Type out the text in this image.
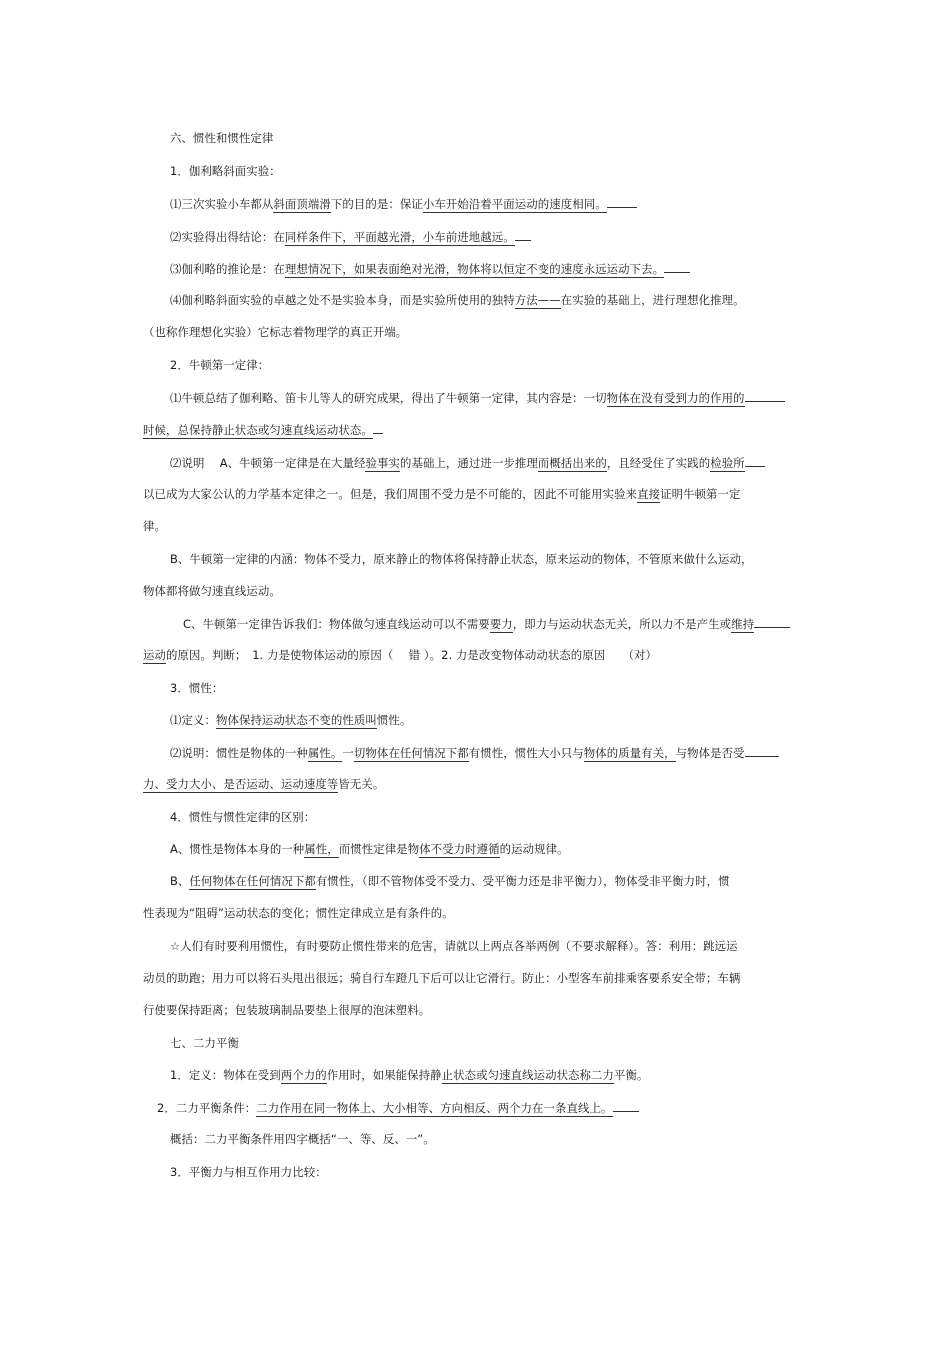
六、惯性和惯性定律
1．伽利略斜面实验：
⑴三次实验小车都从斜面顶端滑下的目的是：保证小车开始沿着平面运动的速度相同。
⑵实验得出得结论：在同样条件下，平面越光滑，小车前进地越远。
⑶伽利略的推论是：在理想情况下，如果表面绝对光滑，物体将以恒定不变的速度永远运动下去。
⑷伽利略斜面实验的卓越之处不是实验本身，而是实验所使用的独特方法——在实验的基础上，进行理想化推理。
（也称作理想化实验）它标志着物理学的真正开端。
2．牛顿第一定律：
⑴牛顿总结了伽利略、笛卡儿等人的研究成果，得出了牛顿第一定律，其内容是：一切物体在没有受到力的作用的
时候，总保持静止状态或匀速直线运动状态。
⑵说明　 A、牛顿第一定律是在大量经验事实的基础上，通过进一步推理而概括出来的，且经受住了实践的检验所
以已成为大家公认的力学基本定律之一。但是，我们周围不受力是不可能的，因此不可能用实验来直接证明牛顿第一定
律。
B、牛顿第一定律的内涵：物体不受力，原来静止的物体将保持静止状态，原来运动的物体，不管原来做什么运动，
物体都将做匀速直线运动。
C、牛顿第一定律告诉我们：物体做匀速直线运动可以不需要要力，即力与运动状态无关，所以力不是产生或维持
运动的原因。判断；　1. 力是使物体运动的原因（　 错 ）。2. 力是改变物体动动状态的原因　　（对）
3．惯性：
⑴定义：物体保持运动状态不变的性质叫惯性。
⑵说明：惯性是物体的一种属性。一切物体在任何情况下都有惯性，惯性大小只与物体的质量有关，与物体是否受
力、受力大小、是否运动、运动速度等皆无关。
4．惯性与惯性定律的区别：
A、惯性是物体本身的一种属性，而惯性定律是物体不受力时遵循的运动规律。
B、任何物体在任何情况下都有惯性，（即不管物体受不受力、受平衡力还是非平衡力），物体受非平衡力时，惯
性表现为“阻碍”运动状态的变化；惯性定律成立是有条件的。
☆人们有时要利用惯性，有时要防止惯性带来的危害，请就以上两点各举两例（不要求解释）。答：利用：跳远运
动员的助跑；用力可以将石头甩出很远；骑自行车蹬几下后可以让它滑行。防止：小型客车前排乘客要系安全带；车辆
行使要保持距离；包装玻璃制品要垫上很厚的泡沫塑料。
七、二力平衡
1．定义：物体在受到两个力的作用时，如果能保持静止状态或匀速直线运动状态称二力平衡。
2．二力平衡条件：二力作用在同一物体上、大小相等、方向相反、两个力在一条直线上。
概括：二力平衡条件用四字概括“一、等、反、一”。
3．平衡力与相互作用力比较：
